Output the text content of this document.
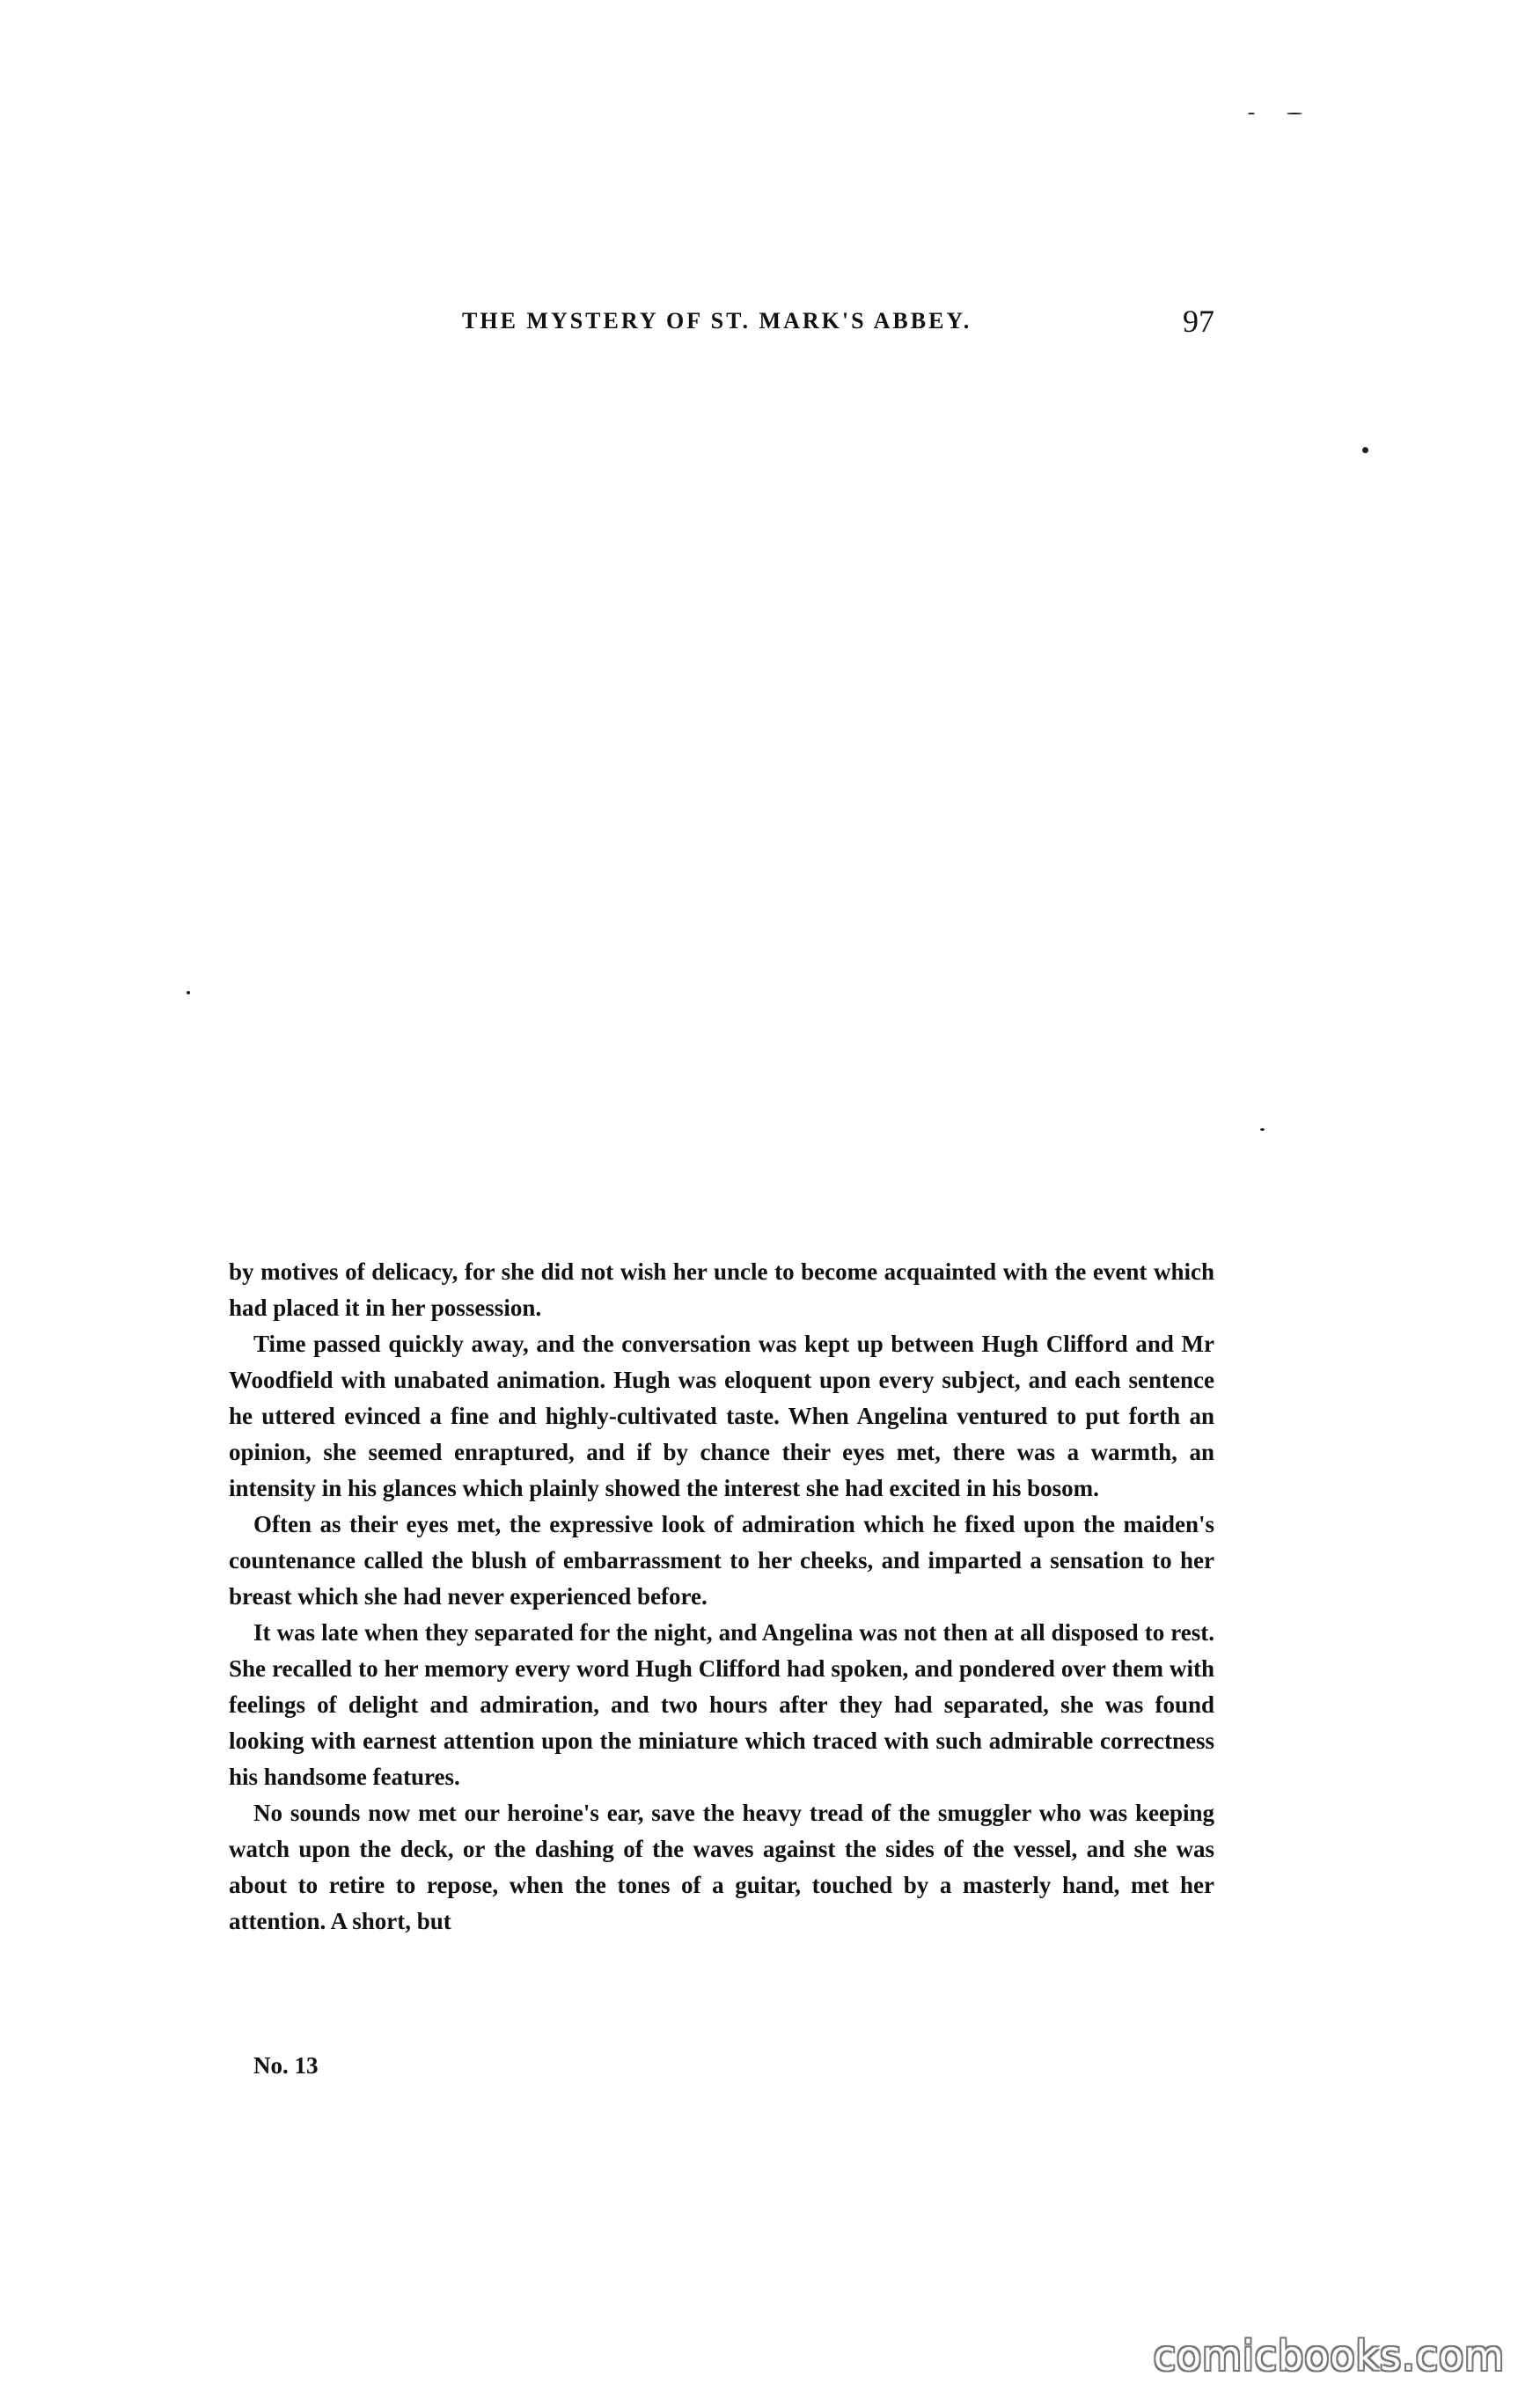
THE MYSTERY OF ST. MARK'S ABBEY.	97

by motives of delicacy, for she did not wish her uncle to become acquainted with the event which had placed it in her possession.

Time passed quickly away, and the conversation was kept up between Hugh Clifford and Mr Woodfield with unabated animation. Hugh was eloquent upon every subject, and each sentence he uttered evinced a fine and highly-cultivated taste. When Angelina ventured to put forth an opinion, she seemed enraptured, and if by chance their eyes met, there was a warmth, an intensity in his glances which plainly showed the interest she had excited in his bosom.

Often as their eyes met, the expressive look of admiration which he fixed upon the maiden's countenance called the blush of embarrassment to her cheeks, and imparted a sensation to her breast which she had never experienced before.

It was late when they separated for the night, and Angelina was not then at all disposed to rest. She recalled to her memory every word Hugh Clifford had spoken, and pondered over them with feelings of delight and admiration, and two hours after they had separated, she was found looking with earnest attention upon the miniature which traced with such admirable correctness his handsome features.

No sounds now met our heroine's ear, save the heavy tread of the smuggler who was keeping watch upon the deck, or the dashing of the waves against the sides of the vessel, and she was about to retire to repose, when the tones of a guitar, touched by a masterly hand, met her attention. A short, but

No. 13
comicbooks.com
